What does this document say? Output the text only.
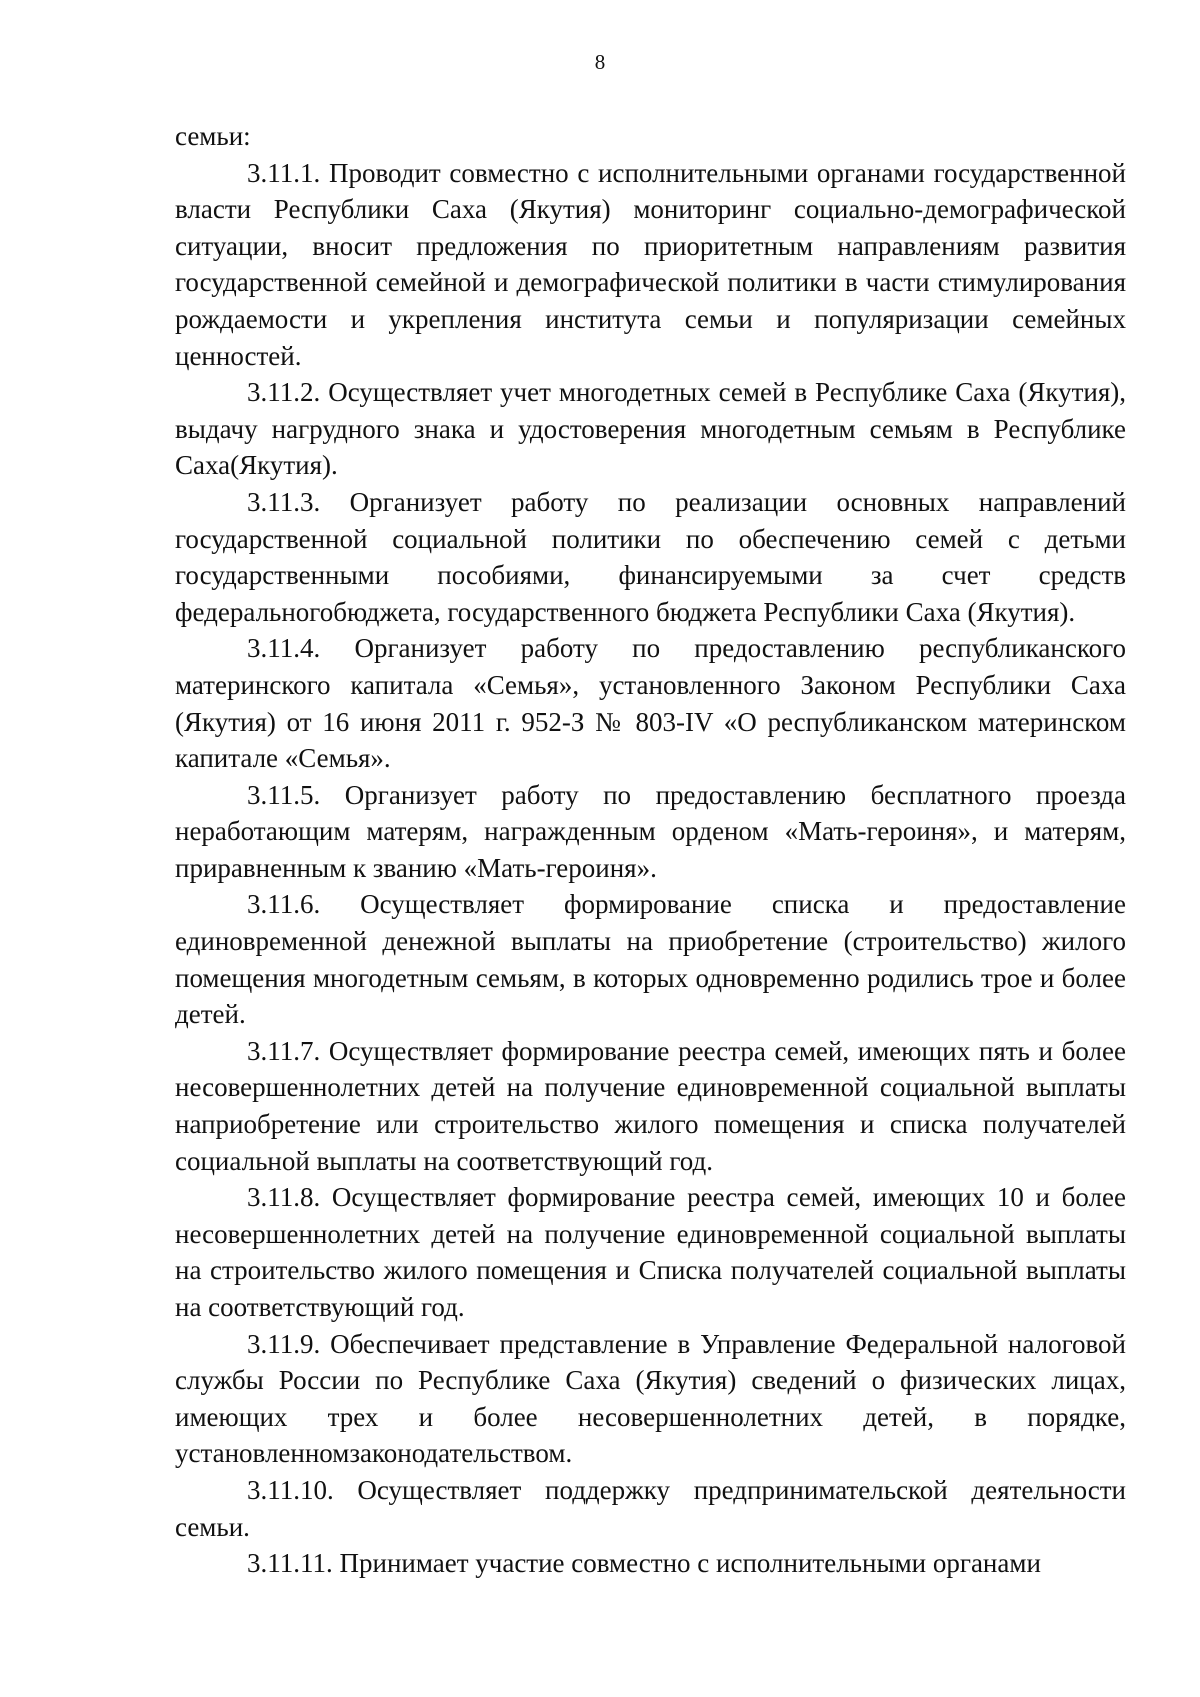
8

семьи:

3.11.1. Проводит совместно с исполнительными органами государственной власти Республики Саха (Якутия) мониторинг социально-демографической ситуации, вносит предложения по приоритетным направлениям развития государственной семейной и демографической политики в части стимулирования рождаемости и укрепления института семьи и популяризации семейных ценностей.

3.11.2. Осуществляет учет многодетных семей в Республике Саха (Якутия), выдачу нагрудного знака и удостоверения многодетным семьям в Республике Саха(Якутия).

3.11.3. Организует работу по реализации основных направлений государственной социальной политики по обеспечению семей с детьми государственными пособиями, финансируемыми за счет средств федеральногобюджета, государственного бюджета Республики Саха (Якутия).

3.11.4. Организует работу по предоставлению республиканского материнского капитала «Семья», установленного Законом Республики Саха (Якутия) от 16 июня 2011 г. 952-З № 803-IV «О республиканском материнском капитале «Семья».

3.11.5. Организует работу по предоставлению бесплатного проезда неработающим матерям, награжденным орденом «Мать-героиня», и матерям, приравненным к званию «Мать-героиня».

3.11.6. Осуществляет формирование списка и предоставление единовременной денежной выплаты на приобретение (строительство) жилого помещения многодетным семьям, в которых одновременно родились трое и более детей.

3.11.7. Осуществляет формирование реестра семей, имеющих пять и более несовершеннолетних детей на получение единовременной социальной выплаты наприобретение или строительство жилого помещения и списка получателей социальной выплаты на соответствующий год.

3.11.8. Осуществляет формирование реестра семей, имеющих 10 и более несовершеннолетних детей на получение единовременной социальной выплаты на строительство жилого помещения и Списка получателей социальной выплаты на соответствующий год.

3.11.9. Обеспечивает представление в Управление Федеральной налоговой службы России по Республике Саха (Якутия) сведений о физических лицах, имеющих трех и более несовершеннолетних детей, в порядке, установленномзаконодательством.

3.11.10. Осуществляет поддержку предпринимательской деятельности семьи.

3.11.11. Принимает участие совместно с исполнительными органами
